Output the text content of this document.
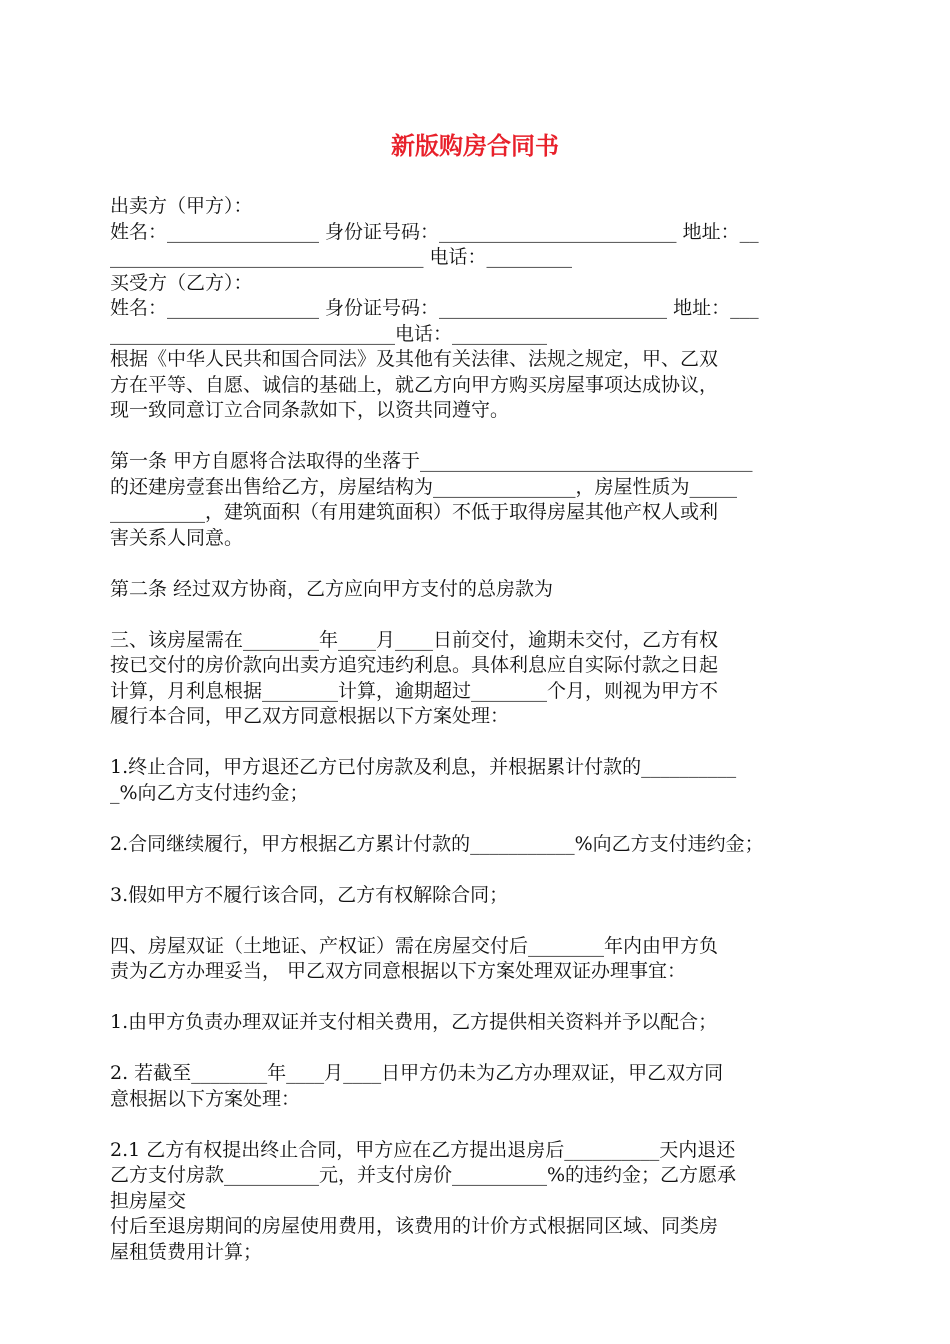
新版购房合同书
出卖方（甲方）：
姓名：________________ 身份证号码：_________________________ 地址：__
_________________________________ 电话：_________
买受方（乙方）：
姓名：________________ 身份证号码：________________________ 地址：___
______________________________电话：__________
根据《中华人民共和国合同法》及其他有关法律、法规之规定，甲、乙双
方在平等、自愿、诚信的基础上，就乙方向甲方购买房屋事项达成协议，
现一致同意订立合同条款如下，以资共同遵守。
第一条 甲方自愿将合法取得的坐落于___________________________________
的还建房壹套出售给乙方，房屋结构为_______________，房屋性质为_____
__________，建筑面积（有用建筑面积）不低于取得房屋其他产权人或利
害关系人同意。
第二条 经过双方协商，乙方应向甲方支付的总房款为
三、该房屋需在________年____月____日前交付，逾期未交付，乙方有权
按已交付的房价款向出卖方追究违约利息。具体利息应自实际付款之日起
计算，月利息根据________计算，逾期超过________个月，则视为甲方不
履行本合同，甲乙双方同意根据以下方案处理：
1.终止合同，甲方退还乙方已付房款及利息，并根据累计付款的__________
_%向乙方支付违约金；
2.合同继续履行，甲方根据乙方累计付款的___________%向乙方支付违约金；
3.假如甲方不履行该合同，乙方有权解除合同；
四、房屋双证（土地证、产权证）需在房屋交付后________年内由甲方负
责为乙方办理妥当， 甲乙双方同意根据以下方案处理双证办理事宜：
1.由甲方负责办理双证并支付相关费用，乙方提供相关资料并予以配合；
2. 若截至________年____月____日甲方仍未为乙方办理双证，甲乙双方同
意根据以下方案处理：
2.1 乙方有权提出终止合同，甲方应在乙方提出退房后__________天内退还
乙方支付房款__________元，并支付房价__________%的违约金；乙方愿承
担房屋交
付后至退房期间的房屋使用费用，该费用的计价方式根据同区域、同类房
屋租赁费用计算；
